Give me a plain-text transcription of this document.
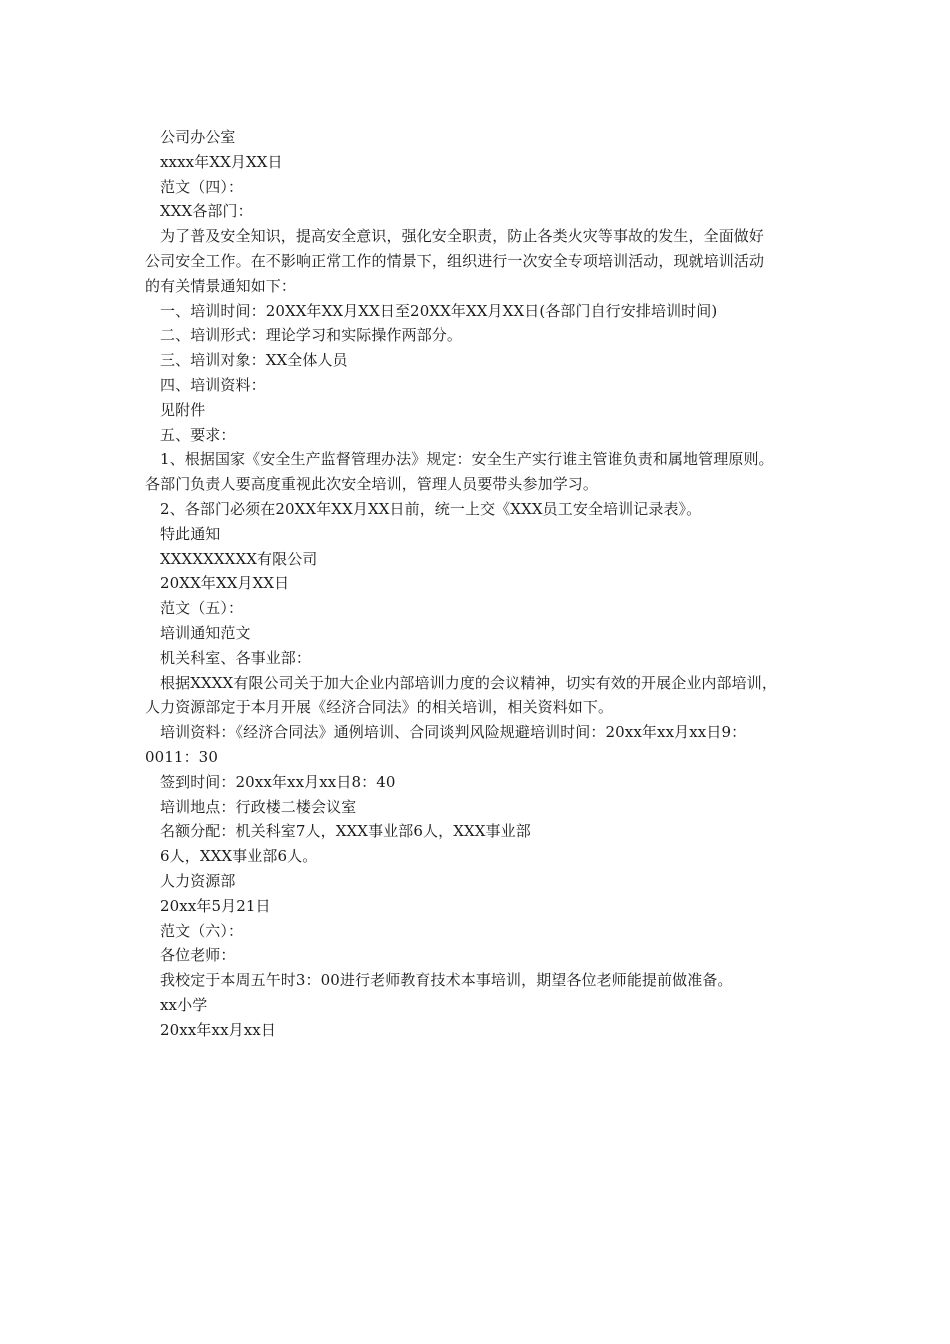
公司办公室
xxxx年XX月XX日
范文（四）：
XXX各部门：
为了普及安全知识，提高安全意识，强化安全职责，防止各类火灾等事故的发生，全面做好
公司安全工作。在不影响正常工作的情景下，组织进行一次安全专项培训活动，现就培训活动
的有关情景通知如下：
一、培训时间：20XX年XX月XX日至20XX年XX月XX日(各部门自行安排培训时间)
二、培训形式：理论学习和实际操作两部分。
三、培训对象：XX全体人员
四、培训资料：
见附件
五、要求：
1、根据国家《安全生产监督管理办法》规定：安全生产实行谁主管谁负责和属地管理原则。
各部门负责人要高度重视此次安全培训，管理人员要带头参加学习。
2、各部门必须在20XX年XX月XX日前，统一上交《XXX员工安全培训记录表》。
特此通知
XXXXXXXXX有限公司
20XX年XX月XX日
范文（五）：
培训通知范文
机关科室、各事业部：
根据XXXX有限公司关于加大企业内部培训力度的会议精神，切实有效的开展企业内部培训，
人力资源部定于本月开展《经济合同法》的相关培训，相关资料如下。
培训资料：《经济合同法》通例培训、合同谈判风险规避培训时间：20xx年xx月xx日9：
0011：30
签到时间：20xx年xx月xx日8：40
培训地点：行政楼二楼会议室
名额分配：机关科室7人，XXX事业部6人，XXX事业部
6人，XXX事业部6人。
人力资源部
20xx年5月21日
范文（六）：
各位老师：
我校定于本周五午时3：00进行老师教育技术本事培训，期望各位老师能提前做准备。
xx小学
20xx年xx月xx日
